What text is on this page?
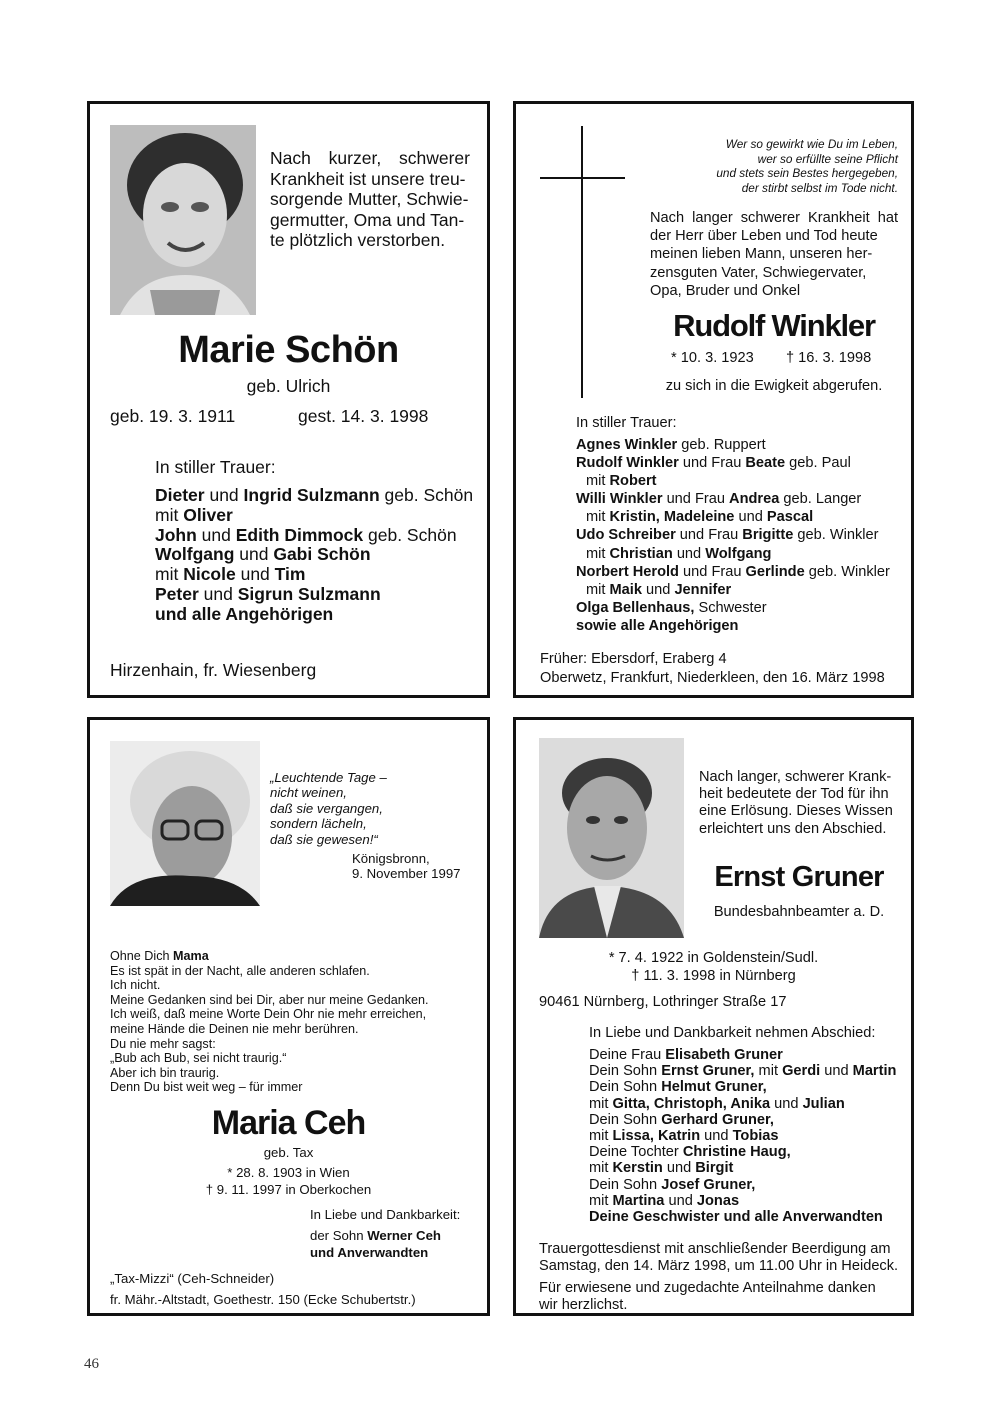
Nach kurzer, schwerer
Krankheit ist unsere treu-
sorgende Mutter, Schwie-
germutter, Oma und Tan-
te plötzlich verstorben.
Marie Schön
geb. Ulrich
geb. 19. 3. 1911	gest. 14. 3. 1998
In stiller Trauer:
Dieter und Ingrid Sulzmann geb. Schön
mit Oliver
John und Edith Dimmock geb. Schön
Wolfgang und Gabi Schön
mit Nicole und Tim
Peter und Sigrun Sulzmann
und alle Angehörigen
Hirzenhain, fr. Wiesenberg
Wer so gewirkt wie Du im Leben,
wer so erfüllte seine Pflicht
und stets sein Bestes hergegeben,
der stirbt selbst im Tode nicht.
Nach langer schwerer Krankheit hat
der Herr über Leben und Tod heute
meinen lieben Mann, unseren her-
zensguten Vater, Schwiegervater,
Opa, Bruder und Onkel
Rudolf Winkler
* 10. 3. 1923 † 16. 3. 1998
zu sich in die Ewigkeit abgerufen.
In stiller Trauer:
Agnes Winkler geb. Ruppert
Rudolf Winkler und Frau Beate geb. Paul
mit Robert
Willi Winkler und Frau Andrea geb. Langer
mit Kristin, Madeleine und Pascal
Udo Schreiber und Frau Brigitte geb. Winkler
mit Christian und Wolfgang
Norbert Herold und Frau Gerlinde geb. Winkler
mit Maik und Jennifer
Olga Bellenhaus, Schwester
sowie alle Angehörigen
Früher: Ebersdorf, Eraberg 4
Oberwetz, Frankfurt, Niederkleen, den 16. März 1998
„Leuchtende Tage –
nicht weinen,
daß sie vergangen,
sondern lächeln,
daß sie gewesen!“
Königsbronn,
9. November 1997
Ohne Dich Mama
Es ist spät in der Nacht, alle anderen schlafen.
Ich nicht.
Meine Gedanken sind bei Dir, aber nur meine Gedanken.
Ich weiß, daß meine Worte Dein Ohr nie mehr erreichen,
meine Hände die Deinen nie mehr berühren.
Du nie mehr sagst:
„Bub ach Bub, sei nicht traurig.“
Aber ich bin traurig.
Denn Du bist weit weg – für immer
Maria Ceh
geb. Tax
* 28. 8. 1903 in Wien
† 9. 11. 1997 in Oberkochen
In Liebe und Dankbarkeit:
der Sohn Werner Ceh
und Anverwandten
„Tax-Mizzi“ (Ceh-Schneider)
fr. Mähr.-Altstadt, Goethestr. 150 (Ecke Schubertstr.)
Nach langer, schwerer Krank-
heit bedeutete der Tod für ihn
eine Erlösung. Dieses Wissen
erleichtert uns den Abschied.
Ernst Gruner
Bundesbahnbeamter a. D.
* 7. 4. 1922 in Goldenstein/Sudl.
† 11. 3. 1998 in Nürnberg
90461 Nürnberg, Lothringer Straße 17
In Liebe und Dankbarkeit nehmen Abschied:
Deine Frau Elisabeth Gruner
Dein Sohn Ernst Gruner, mit Gerdi und Martin
Dein Sohn Helmut Gruner,
mit Gitta, Christoph, Anika und Julian
Dein Sohn Gerhard Gruner,
mit Lissa, Katrin und Tobias
Deine Tochter Christine Haug,
mit Kerstin und Birgit
Dein Sohn Josef Gruner,
mit Martina und Jonas
Deine Geschwister und alle Anverwandten
Trauergottesdienst mit anschließender Beerdigung am
Samstag, den 14. März 1998, um 11.00 Uhr in Heideck.
Für erwiesene und zugedachte Anteilnahme danken
wir herzlichst.
46
